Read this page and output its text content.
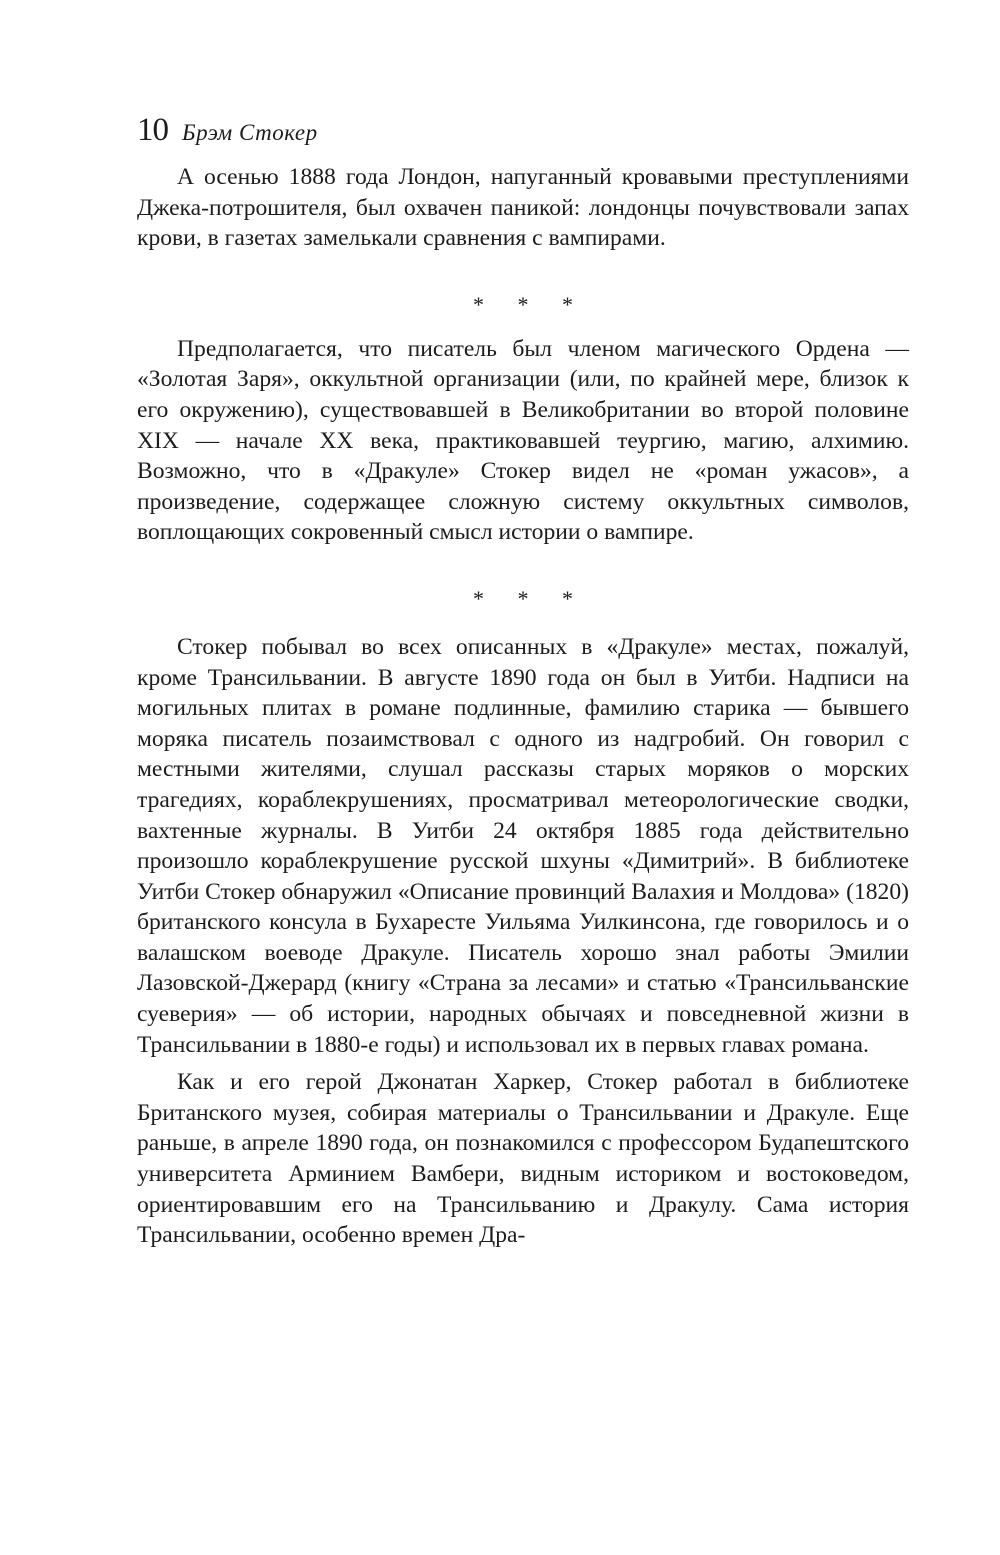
10 Брэм Стокер

А осенью 1888 года Лондон, напуганный кровавыми преступлениями Джека-потрошителя, был охвачен паникой: лондонцы почувствовали запах крови, в газетах замелькали сравнения с вампирами.

* * *

Предполагается, что писатель был членом магического Ордена — «Золотая Заря», оккультной организации (или, по крайней мере, близок к его окружению), существовавшей в Великобритании во второй половине XIX — начале XX века, практиковавшей теургию, магию, алхимию. Возможно, что в «Дракуле» Стокер видел не «роман ужасов», а произведение, содержащее сложную систему оккультных символов, воплощающих сокровенный смысл истории о вампире.

* * *

Стокер побывал во всех описанных в «Дракуле» местах, пожалуй, кроме Трансильвании. В августе 1890 года он был в Уитби. Надписи на могильных плитах в романе подлинные, фамилию старика — бывшего моряка писатель позаимствовал с одного из надгробий. Он говорил с местными жителями, слушал рассказы старых моряков о морских трагедиях, кораблекрушениях, просматривал метеорологические сводки, вахтенные журналы. В Уитби 24 октября 1885 года действительно произошло кораблекрушение русской шхуны «Димитрий». В библиотеке Уитби Стокер обнаружил «Описание провинций Валахия и Молдова» (1820) британского консула в Бухаресте Уильяма Уилкинсона, где говорилось и о валашском воеводе Дракуле. Писатель хорошо знал работы Эмилии Лазовской-Джерард (книгу «Страна за лесами» и статью «Трансильванские суеверия» — об истории, народных обычаях и повседневной жизни в Трансильвании в 1880-е годы) и использовал их в первых главах романа.

Как и его герой Джонатан Харкер, Стокер работал в библиотеке Британского музея, собирая материалы о Трансильвании и Дракуле. Еще раньше, в апреле 1890 года, он познакомился с профессором Будапештского университета Арминием Вамбери, видным историком и востоковедом, ориентировавшим его на Трансильванию и Дракулу. Сама история Трансильвании, особенно времен Дра-
